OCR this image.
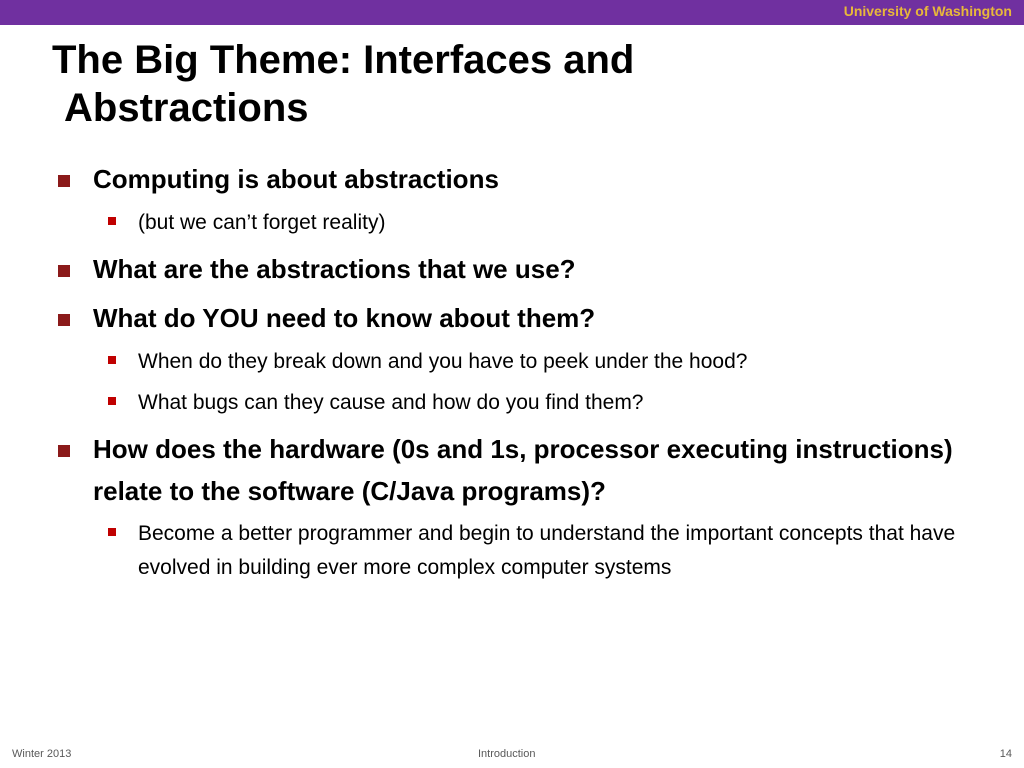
University of Washington
The Big Theme: Interfaces and
Abstractions
Computing is about abstractions
(but we can’t forget reality)
What are the abstractions that we use?
What do YOU need to know about them?
When do they break down and you have to peek under the hood?
What bugs can they cause and how do you find them?
How does the hardware (0s and 1s, processor executing instructions) relate to the software (C/Java programs)?
Become a better programmer and begin to understand the important concepts that have evolved in building ever more complex computer systems
Winter 2013	Introduction	14
